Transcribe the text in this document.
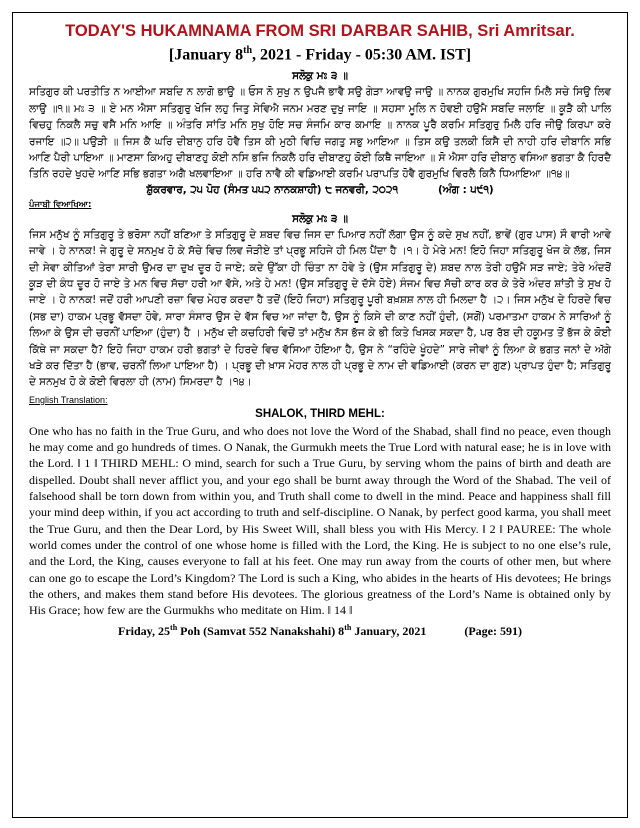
TODAY'S HUKAMNAMA FROM SRI DARBAR SAHIB, Sri Amritsar.
[January 8th, 2021 - Friday - 05:30 AM. IST]

ਸਲੋਕੁ ਮਃ ੩ ॥

ਸਤਿਗੁਰ ਕੀ ਪਰਤੀਤਿ ਨ ਆਈਆ ਸਬਦਿ ਨ ਲਾਗੋ ਭਾਉ ॥ ਓਸ ਨੋ ਸੁਖੁ ਨ ਉਪਜੈ ਭਾਵੈ ਸਉ ਗੇੜਾ ਆਵਉ ਜਾਉ ॥ ਨਾਨਕ ਗੁਰਮੁਖਿ ਸਹਜਿ ਮਿਲੈ ਸਚੇ ਸਿਉ ਲਿਵ ਲਾਉ ॥੧॥ ਮਃ ੩ ॥ ਏ ਮਨ ਐਸਾ ਸਤਿਗੁਰੁ ਖੋਜਿ ਲਹੁ ਜਿਤੁ ਸੇਵਿਐ ਜਨਮ ਮਰਣ ਦੁਖੁ ਜਾਇ ॥ ਸਹਸਾ ਮੂਲਿ ਨ ਹੋਵਈ ਹਉਮੈ ਸਬਦਿ ਜਲਾਇ ॥ ਕੂੜੈ ਕੀ ਪਾਲਿ ਵਿਚਹੁ ਨਿਕਲੈ ਸਚੁ ਵਸੈ ਮਨਿ ਆਇ ॥ ਅੰਤਰਿ ਸਾਂਤਿ ਮਨਿ ਸੁਖੁ ਹੋਇ ਸਚ ਸੰਜਮਿ ਕਾਰ ਕਮਾਇ ॥ ਨਾਨਕ ਪੂਰੈ ਕਰਮਿ ਸਤਿਗੁਰੁ ਮਿਲੈ ਹਰਿ ਜੀਉ ਕਿਰਪਾ ਕਰੇ ਰਜਾਇ ॥੨॥ ਪਉੜੀ ॥ ਜਿਸ ਕੈ ਘਰਿ ਦੀਬਾਨੁ ਹਰਿ ਹੋਵੈ ਤਿਸ ਕੀ ਮੁਠੀ ਵਿਚਿ ਜਗਤੁ ਸਭੁ ਆਇਆ ॥ ਤਿਸ ਕਉ ਤਲਕੀ ਕਿਸੈ ਦੀ ਨਾਹੀ ਹਰਿ ਦੀਬਾਨਿ ਸਭਿ ਆਣਿ ਪੈਰੀ ਪਾਇਆ ॥ ਮਾਣਸਾ ਕਿਅਹੁ ਦੀਬਾਣਹੁ ਕੋਈ ਨਸਿ ਭਜਿ ਨਿਕਲੈ ਹਰਿ ਦੀਬਾਣਹੁ ਕੋਈ ਕਿਥੈ ਜਾਇਆ ॥ ਸੋ ਐਸਾ ਹਰਿ ਦੀਬਾਨੁ ਵਸਿਆ ਭਗਤਾ ਕੈ ਹਿਰਦੈ ਤਿਨਿ ਰਹਦੇ ਖੁਹਦੇ ਆਣਿ ਸਭਿ ਭਗਤਾ ਅਗੈ ਖਲਵਾਇਆ ॥ ਹਰਿ ਨਾਵੈ ਕੀ ਵਡਿਆਈ ਕਰਮਿ ਪਰਾਪਤਿ ਹੋਵੈ ਗੁਰਮੁਖਿ ਵਿਰਲੈ ਕਿਨੈ ਧਿਆਇਆ ॥੧੪॥

ਸ਼ੁੱਕਰਵਾਰ, ੨੫ ਪੋਹ (ਸੰਮਤ ੫੫੨ ਨਾਨਕਸ਼ਾਹੀ) ੮ ਜਨਵਰੀ, ੨੦੨੧	(ਅੰਗ : ੫੯੧)

ਪੰਜਾਬੀ ਵਿਆਖਿਆ:

ਸਲੋਕੁ ਮਃ ੩ ॥

ਜਿਸ ਮਨੁੱਖ ਨੂੰ ਸਤਿਗੁਰੂ ਤੇ ਭਰੋਸਾ ਨਹੀਂ ਬਣਿਆ ਤੇ ਸਤਿਗੁਰੂ ਦੇ ਸ਼ਬਦ ਵਿਚ ਜਿਸ ਦਾ ਪਿਆਰ ਨਹੀਂ ਲੱਗਾ ਉਸ ਨੂੰ ਕਦੇ ਸੁਖ ਨਹੀਂ, ਭਾਵੇਂ (ਗੁਰ ਪਾਸ) ਸੌ ਵਾਰੀ ਆਵੇ ਜਾਵੇ । ਹੇ ਨਾਨਕ! ਜੇ ਗੁਰੂ ਦੇ ਸਨਮੁਖ ਹੋ ਕੇ ਸੱਚੇ ਵਿਚ ਲਿਵ ਜੋੜੀਏ ਤਾਂ ਪ੍ਰਭੂ ਸਹਿਜੇ ਹੀ ਮਿਲ ਪੈਂਦਾ ਹੈ ।੧। ਹੇ ਮੇਰੇ ਮਨ! ਇਹੋ ਜਿਹਾ ਸਤਿਗੁਰੂ ਖੋਜ ਕੇ ਲੱਭ, ਜਿਸ ਦੀ ਸੇਵਾ ਕੀਤਿਆਂ ਤੇਰਾ ਸਾਰੀ ਉਮਰ ਦਾ ਦੁਖ ਦੂਰ ਹੋ ਜਾਏ; ਕਦੇ ਉੱਕਾ ਹੀ ਚਿੰਤਾ ਨਾ ਹੋਵੇ ਤੇ (ਉਸ ਸਤਿਗੁਰੂ ਦੇ) ਸ਼ਬਦ ਨਾਲ ਤੇਰੀ ਹਉਮੈ ਸੜ ਜਾਏ; ਤੇਰੇ ਅੰਦਰੋਂ ਕੂੜ ਦੀ ਕੰਧ ਦੂਰ ਹੋ ਜਾਏ ਤੇ ਮਨ ਵਿਚ ਸੱਚਾ ਹਰੀ ਆ ਵੱਸੇ, ਅਤੇ ਹੇ ਮਨ! (ਉਸ ਸਤਿਗੁਰੂ ਦੇ ਦੱਸੇ ਹੋਏ) ਸੰਜਮ ਵਿਚ ਸੱਚੀ ਕਾਰ ਕਰ ਕੇ ਤੇਰੇ ਅੰਦਰ ਸ਼ਾਂਤੀ ਤੇ ਸੁਖ ਹੋ ਜਾਏ । ਹੇ ਨਾਨਕ! ਜਦੋਂ ਹਰੀ ਆਪਣੀ ਰਜ਼ਾ ਵਿਚ ਮੇਹਰ ਕਰਦਾ ਹੈ ਤਦੋਂ (ਇਹੋ ਜਿਹਾ) ਸਤਿਗੁਰੂ ਪੂਰੀ ਬਖ਼ਸ਼ਸ਼ ਨਾਲ ਹੀ ਮਿਲਦਾ ਹੈ ।੨। ਜਿਸ ਮਨੁੱਖ ਦੇ ਹਿਰਦੇ ਵਿਚ (ਸਭ ਦਾ) ਹਾਕਮ ਪ੍ਰਭੂ ਵੱਸਦਾ ਹੋਵੇ, ਸਾਰਾ ਸੰਸਾਰ ਉਸ ਦੇ ਵੱਸ ਵਿਚ ਆ ਜਾਂਦਾ ਹੈ, ਉਸ ਨੂੰ ਕਿਸੇ ਦੀ ਕਾਣ ਨਹੀਂ ਹੁੰਦੀ, (ਸਗੋਂ) ਪਰਮਾਤਮਾ ਹਾਕਮ ਨੇ ਸਾਰਿਆਂ ਨੂੰ ਲਿਆ ਕੇ ਉਸ ਦੀ ਚਰਨੀਂ ਪਾਇਆ (ਹੁੰਦਾ) ਹੈ । ਮਨੁੱਖ ਦੀ ਕਚਹਿਰੀ ਵਿਚੋਂ ਤਾਂ ਮਨੁੱਖ ਨੱਸ ਭੱਜ ਕੇ ਭੀ ਕਿਤੇ ਖਿਸਕ ਸਕਦਾ ਹੈ, ਪਰ ਰੱਬ ਦੀ ਹਕੂਮਤ ਤੋਂ ਭੱਜ ਕੇ ਕੋਈ ਕਿੱਥੇ ਜਾ ਸਕਦਾ ਹੈ? ਇਹੋ ਜਿਹਾ ਹਾਕਮ ਹਰੀ ਭਗਤਾਂ ਦੇ ਹਿਰਦੇ ਵਿਚ ਵੱਸਿਆ ਹੋਇਆ ਹੈ, ਉਸ ਨੇ “ਰਹਿੰਦੇ ਖੂੰਹਦੇ” ਸਾਰੇ ਜੀਵਾਂ ਨੂੰ ਲਿਆ ਕੇ ਭਗਤ ਜਨਾਂ ਦੇ ਅੱਗੇ ਖੜੇ ਕਰ ਦਿੱਤਾ ਹੈ (ਭਾਵ, ਚਰਨੀਂ ਲਿਆ ਪਾਇਆ ਹੈ) । ਪ੍ਰਭੂ ਦੀ ਖ਼ਾਸ ਮੇਹਰ ਨਾਲ ਹੀ ਪ੍ਰਭੂ ਦੇ ਨਾਮ ਦੀ ਵਡਿਆਈ (ਕਰਨ ਦਾ ਗੁਣ) ਪ੍ਰਾਪਤ ਹੁੰਦਾ ਹੈ; ਸਤਿਗੁਰੂ ਦੇ ਸਨਮੁਖ ਹੋ ਕੇ ਕੋਈ ਵਿਰਲਾ ਹੀ (ਨਾਮ) ਸਿਮਰਦਾ ਹੈ ।੧੪।

English Translation:

SHALOK, THIRD MEHL:

One who has no faith in the True Guru, and who does not love the Word of the Shabad, shall find no peace, even though he may come and go hundreds of times. O Nanak, the Gurmukh meets the True Lord with natural ease; he is in love with the Lord. ‖ 1 ‖ THIRD MEHL: O mind, search for such a True Guru, by serving whom the pains of birth and death are dispelled. Doubt shall never afflict you, and your ego shall be burnt away through the Word of the Shabad. The veil of falsehood shall be torn down from within you, and Truth shall come to dwell in the mind. Peace and happiness shall fill your mind deep within, if you act according to truth and self-discipline. O Nanak, by perfect good karma, you shall meet the True Guru, and then the Dear Lord, by His Sweet Will, shall bless you with His Mercy. ‖ 2 ‖ PAUREE: The whole world comes under the control of one whose home is filled with the Lord, the King. He is subject to no one else’s rule, and the Lord, the King, causes everyone to fall at his feet. One may run away from the courts of other men, but where can one go to escape the Lord’s Kingdom? The Lord is such a King, who abides in the hearts of His devotees; He brings the others, and makes them stand before His devotees. The glorious greatness of the Lord’s Name is obtained only by His Grace; how few are the Gurmukhs who meditate on Him. ‖ 14 ‖

Friday, 25th Poh (Samvat 552 Nanakshahi) 8th January, 2021	(Page: 591)
